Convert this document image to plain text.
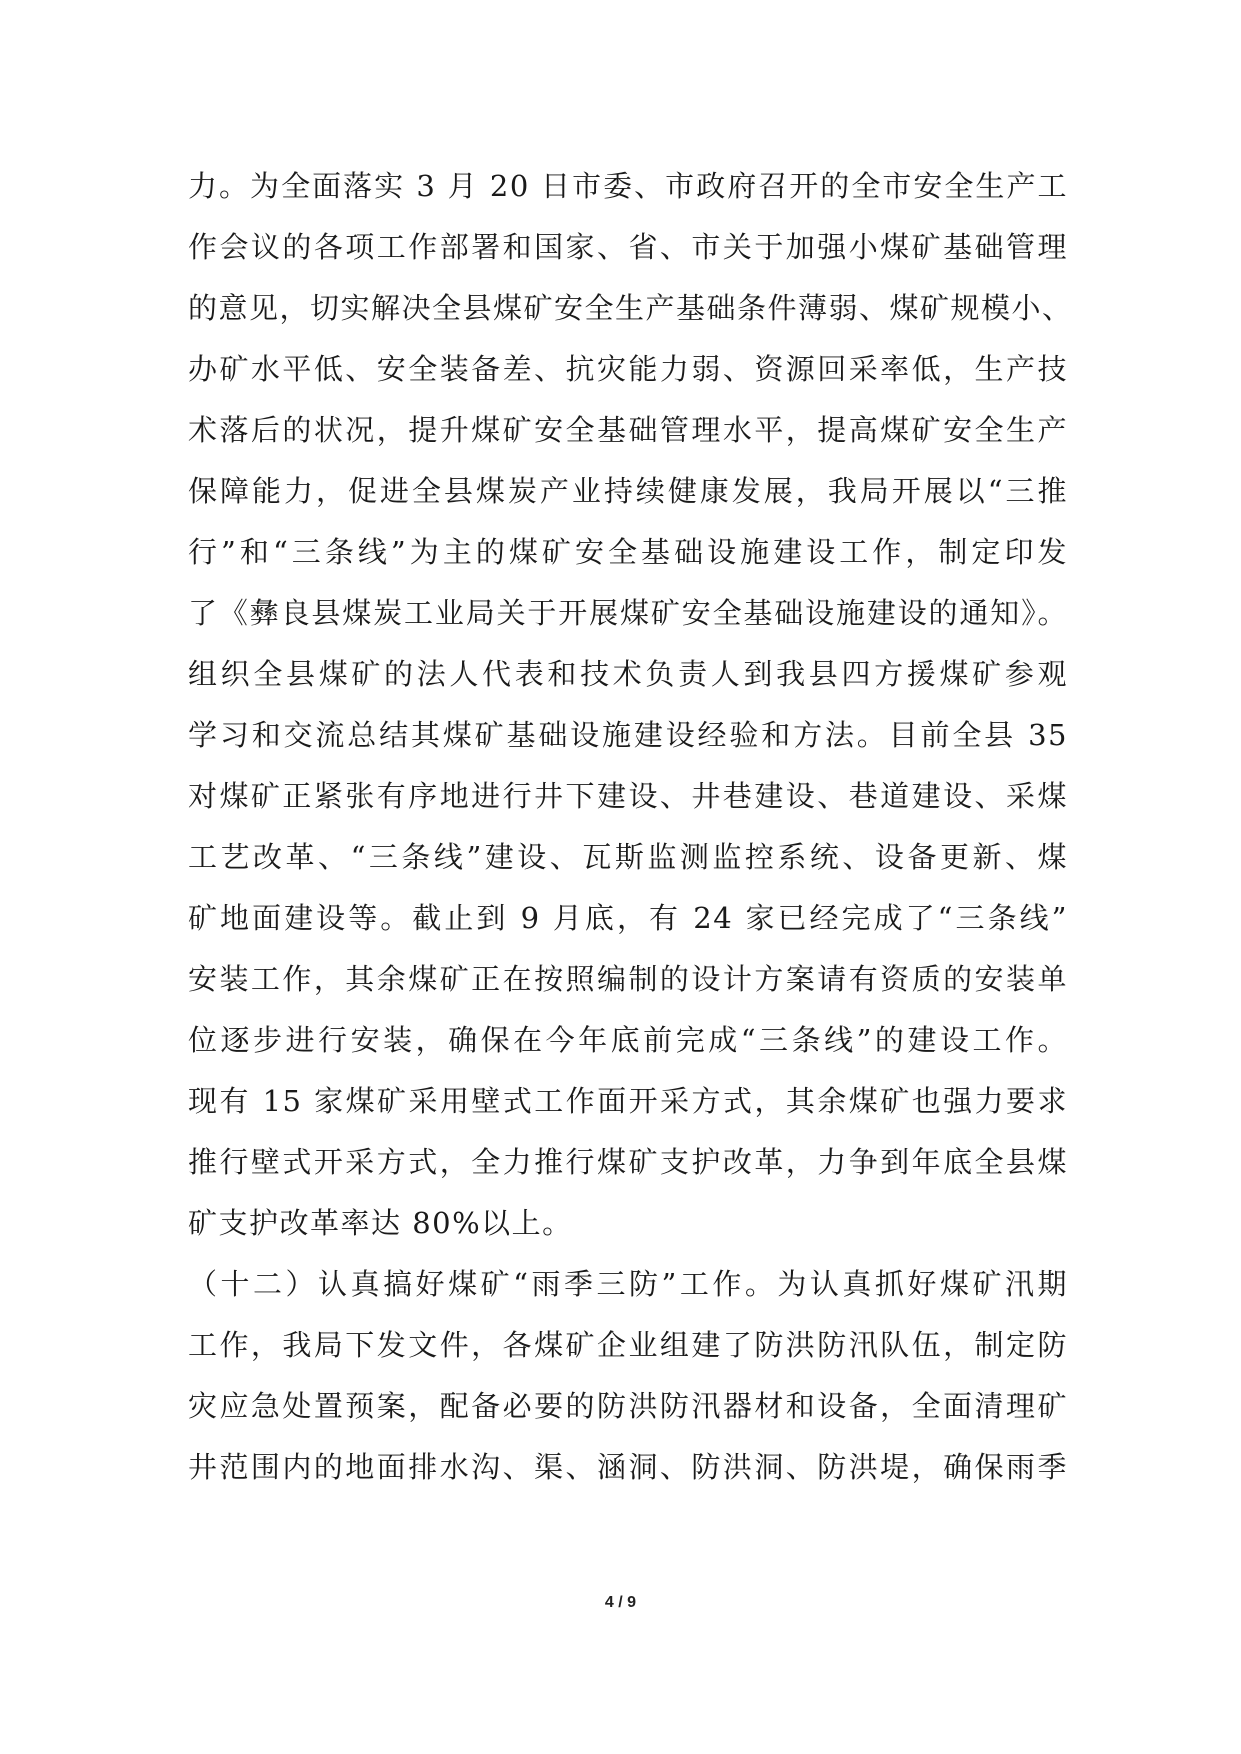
力。为全面落实 3 月 20 日市委、市政府召开的全市安全生产工
作会议的各项工作部署和国家、省、市关于加强小煤矿基础管理
的意见，切实解决全县煤矿安全生产基础条件薄弱、煤矿规模小、
办矿水平低、安全装备差、抗灾能力弱、资源回采率低，生产技
术落后的状况，提升煤矿安全基础管理水平，提高煤矿安全生产
保障能力，促进全县煤炭产业持续健康发展，我局开展以“三推
行”和“三条线”为主的煤矿安全基础设施建设工作，制定印发
了《彝良县煤炭工业局关于开展煤矿安全基础设施建设的通知》。
组织全县煤矿的法人代表和技术负责人到我县四方援煤矿参观
学习和交流总结其煤矿基础设施建设经验和方法。目前全县 35
对煤矿正紧张有序地进行井下建设、井巷建设、巷道建设、采煤
工艺改革、“三条线”建设、瓦斯监测监控系统、设备更新、煤
矿地面建设等。截止到 9 月底，有 24 家已经完成了“三条线”
安装工作，其余煤矿正在按照编制的设计方案请有资质的安装单
位逐步进行安装，确保在今年底前完成“三条线”的建设工作。
现有 15 家煤矿采用壁式工作面开采方式，其余煤矿也强力要求
推行壁式开采方式，全力推行煤矿支护改革，力争到年底全县煤
矿支护改革率达 80%以上。
（十二）认真搞好煤矿“雨季三防”工作。为认真抓好煤矿汛期
工作，我局下发文件，各煤矿企业组建了防洪防汛队伍，制定防
灾应急处置预案，配备必要的防洪防汛器材和设备，全面清理矿
井范围内的地面排水沟、渠、涵洞、防洪洞、防洪堤，确保雨季
4 / 9
